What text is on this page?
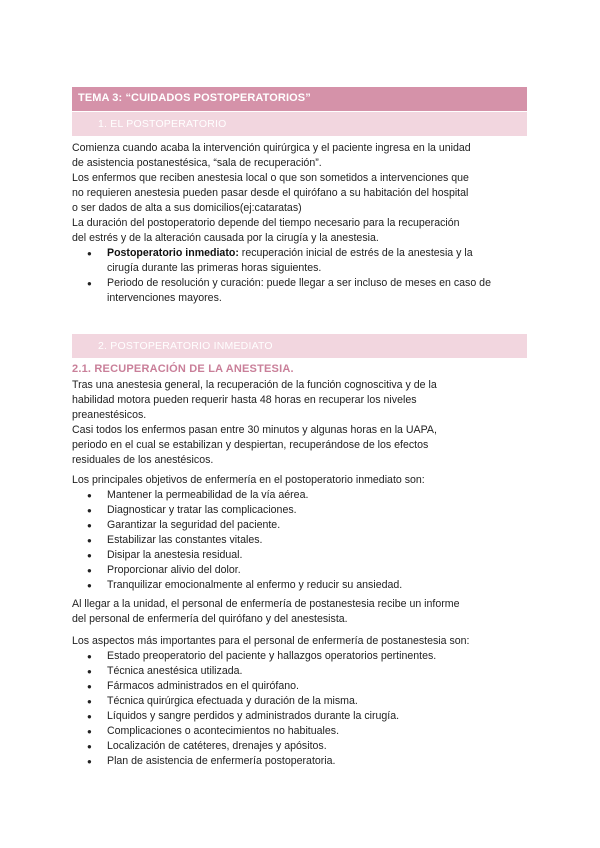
TEMA 3: “CUIDADOS POSTOPERATORIOS”
1. EL POSTOPERATORIO

Comienza cuando acaba la intervención quirúrgica y el paciente ingresa en la unidad

de asistencia postanestésica, “sala de recuperación”.

Los enfermos que reciben anestesia local o que son sometidos a intervenciones que

no requieren anestesia pueden pasar desde el quirófano a su habitación del hospital

o ser dados de alta a sus domicilios(ej:cataratas)

La duración del postoperatorio depende del tiempo necesario para la recuperación

del estrés y de la alteración causada por la cirugía y la anestesia.

● Postoperatorio inmediato: recuperación inicial de estrés de la anestesia y la
cirugía durante las primeras horas siguientes.
● Periodo de resolución y curación: puede llegar a ser incluso de meses en caso de
intervenciones mayores.
2. POSTOPERATORIO INMEDIATO
2.1. RECUPERACIÓN DE LA ANESTESIA.

Tras una anestesia general, la recuperación de la función cognoscitiva y de la

habilidad motora pueden requerir hasta 48 horas en recuperar los niveles

preanestésicos.

Casi todos los enfermos pasan entre 30 minutos y algunas horas en la UAPA,

periodo en el cual se estabilizan y despiertan, recuperándose de los efectos

residuales de los anestésicos.

Los principales objetivos de enfermería en el postoperatorio inmediato son:

● Mantener la permeabilidad de la vía aérea.
● Diagnosticar y tratar las complicaciones.
● Garantizar la seguridad del paciente.
● Estabilizar las constantes vitales.
● Disipar la anestesia residual.
● Proporcionar alivio del dolor.
● Tranquilizar emocionalmente al enfermo y reducir su ansiedad.

Al llegar a la unidad, el personal de enfermería de postanestesia recibe un informe

del personal de enfermería del quirófano y del anestesista.

Los aspectos más importantes para el personal de enfermería de postanestesia son:

● Estado preoperatorio del paciente y hallazgos operatorios pertinentes.
● Técnica anestésica utilizada.
● Fármacos administrados en el quirófano.
● Técnica quirúrgica efectuada y duración de la misma.
● Líquidos y sangre perdidos y administrados durante la cirugía.
● Complicaciones o acontecimientos no habituales.
● Localización de catéteres, drenajes y apósitos.
● Plan de asistencia de enfermería postoperatoria.
